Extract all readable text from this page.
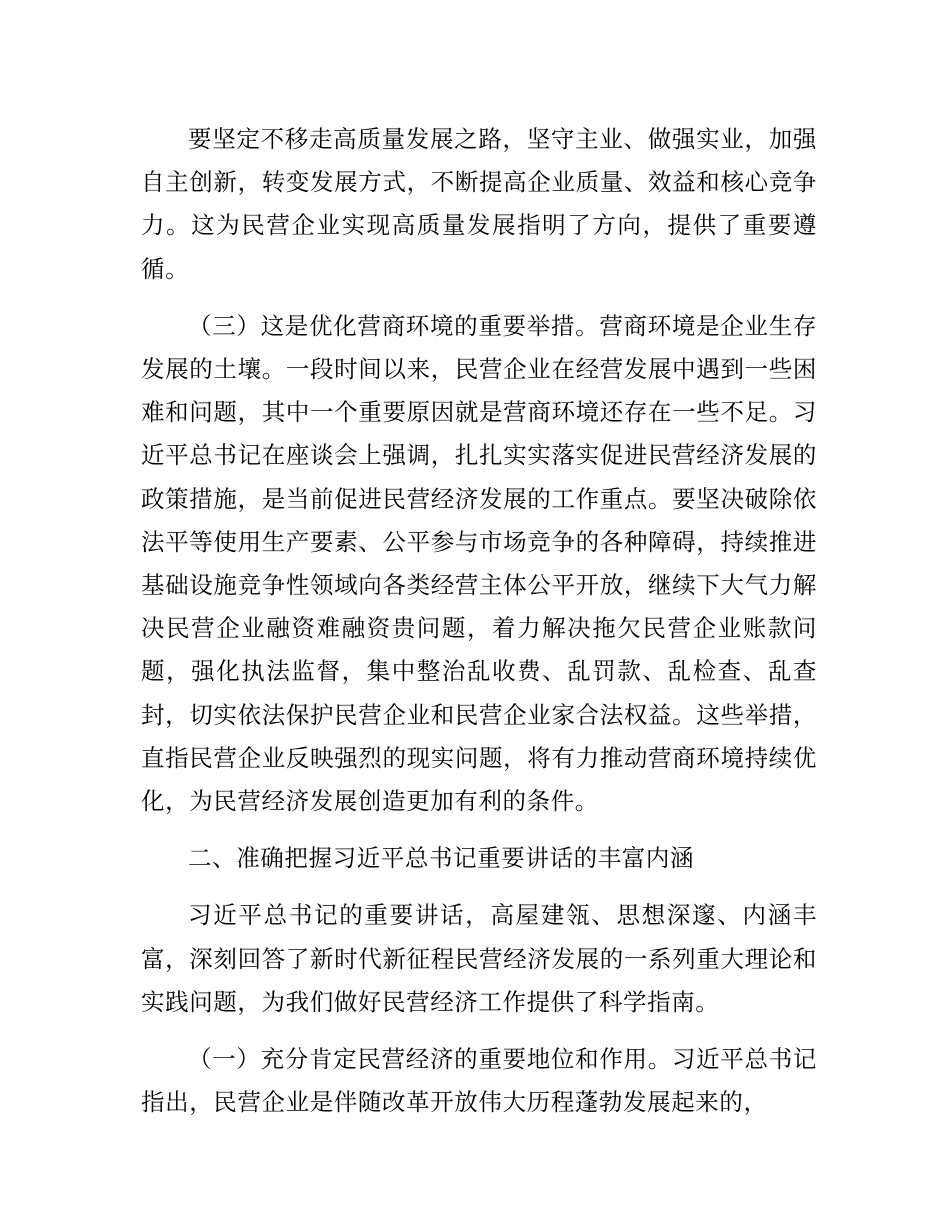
要坚定不移走高质量发展之路，坚守主业、做强实业，加强自主创新，转变发展方式，不断提高企业质量、效益和核心竞争力。这为民营企业实现高质量发展指明了方向，提供了重要遵循。

（三）这是优化营商环境的重要举措。营商环境是企业生存发展的土壤。一段时间以来，民营企业在经营发展中遇到一些困难和问题，其中一个重要原因就是营商环境还存在一些不足。习近平总书记在座谈会上强调，扎扎实实落实促进民营经济发展的政策措施，是当前促进民营经济发展的工作重点。要坚决破除依法平等使用生产要素、公平参与市场竞争的各种障碍，持续推进基础设施竞争性领域向各类经营主体公平开放，继续下大气力解决民营企业融资难融资贵问题，着力解决拖欠民营企业账款问题，强化执法监督，集中整治乱收费、乱罚款、乱检查、乱查封，切实依法保护民营企业和民营企业家合法权益。这些举措，直指民营企业反映强烈的现实问题，将有力推动营商环境持续优化，为民营经济发展创造更加有利的条件。

二、准确把握习近平总书记重要讲话的丰富内涵

习近平总书记的重要讲话，高屋建瓴、思想深邃、内涵丰富，深刻回答了新时代新征程民营经济发展的一系列重大理论和实践问题，为我们做好民营经济工作提供了科学指南。

（一）充分肯定民营经济的重要地位和作用。习近平总书记指出，民营企业是伴随改革开放伟大历程蓬勃发展起来的，
